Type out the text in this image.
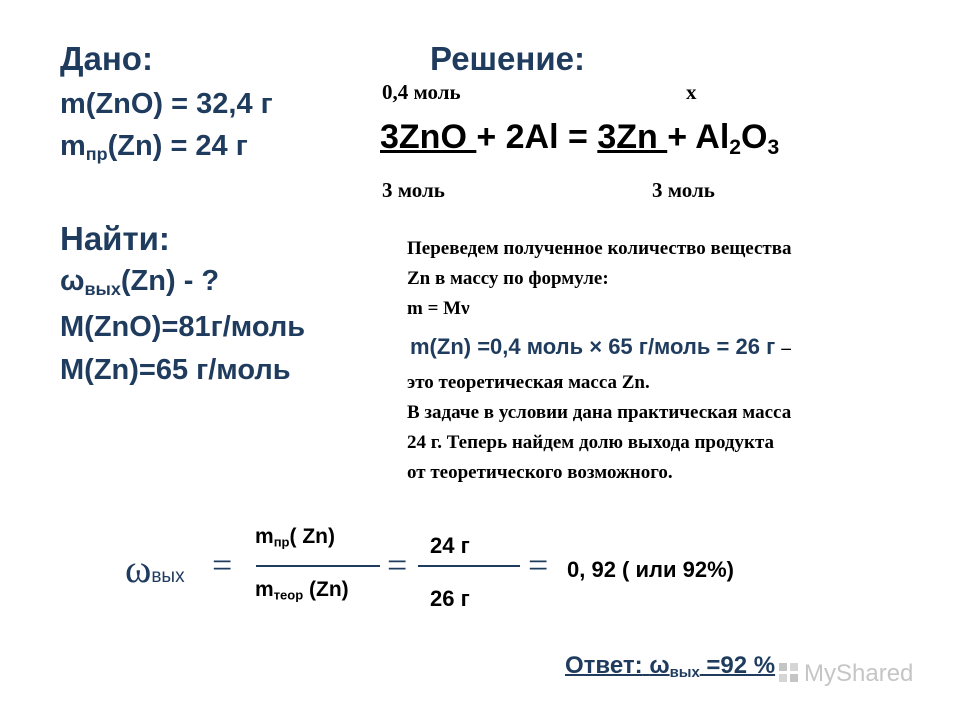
Дано:
m(ZnO) = 32,4 г
$m_{пр}(Zn) = 24$ г
Найти:
$\omega_{вых}(Zn)$ - ?
M(ZnO)=81г/моль
M(Zn)=65 г/моль
Решение:
0,4 моль	x
$3ZnO + 2Al = 3Zn + Al_2O_3$
3 моль	3 моль
Переведем полученное количество вещества
Zn в массу по формуле:
m = Mν
m(Zn) =0,4 моль × 65 г/моль = 26 г –
это теоретическая масса Zn.
В задаче в условии дана практическая масса
24 г. Теперь найдем долю выхода продукта
от теоретического возможного.
ωвых =
$m_{пр}$( Zn)
$m_{теор}$ (Zn)
= 24 г
26 г
= 0, 92 ( или 92%)
Ответ: $\omega_{вых} =92$ %	MyShared
